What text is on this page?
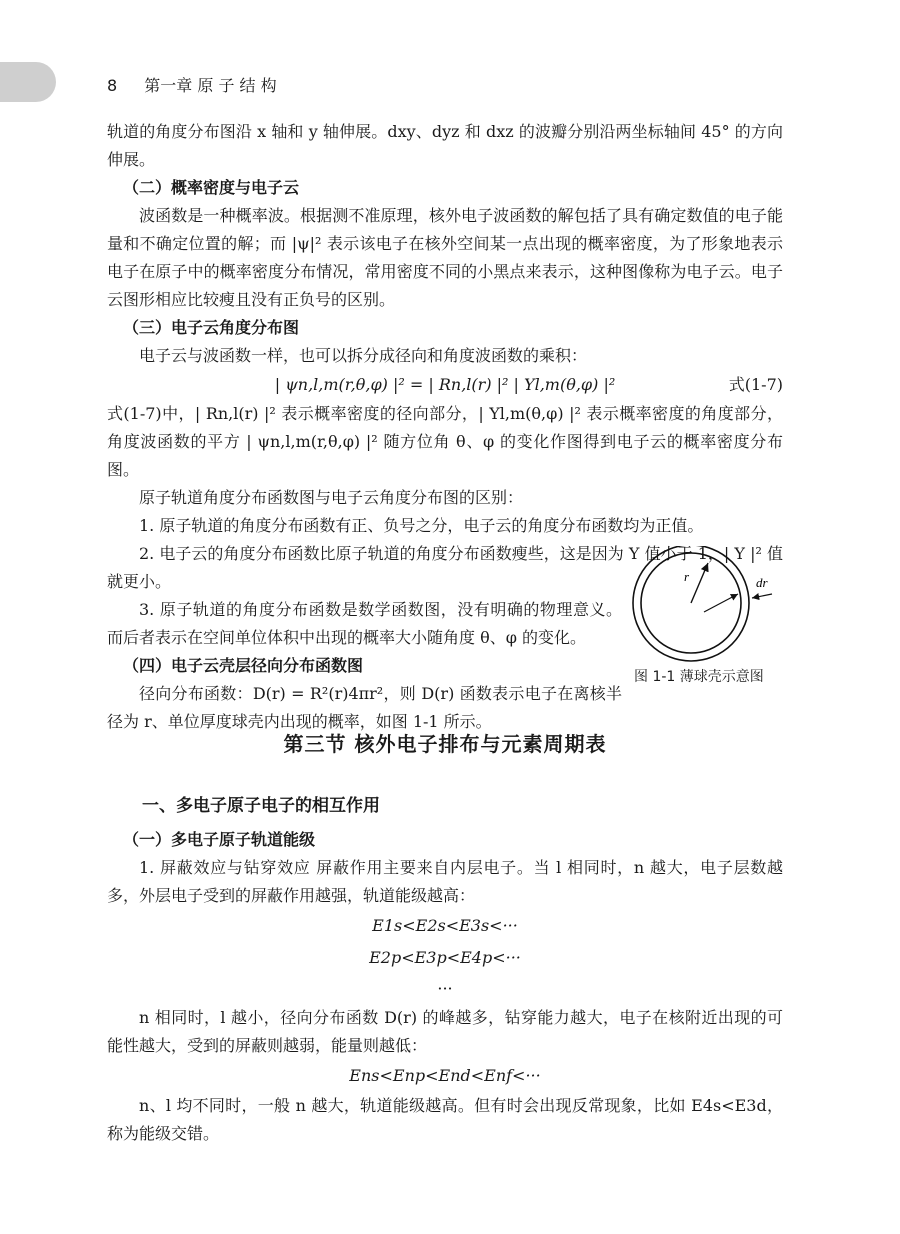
8 第一章 原 子 结 构

轨道的角度分布图沿 x 轴和 y 轴伸展。dxy、dyz 和 dxz 的波瓣分别沿两坐标轴间 45° 的方向伸展。

（二）概率密度与电子云

波函数是一种概率波。根据测不准原理，核外电子波函数的解包括了具有确定数值的电子能量和不确定位置的解；而 |ψ|² 表示该电子在核外空间某一点出现的概率密度，为了形象地表示电子在原子中的概率密度分布情况，常用密度不同的小黑点来表示，这种图像称为电子云。电子云图形相应比较瘦且没有正负号的区别。

（三）电子云角度分布图

电子云与波函数一样，也可以拆分成径向和角度波函数的乘积：

| ψn,l,m(r,θ,φ) |² = | Rn,l(r) |² | Yl,m(θ,φ) |²	式(1-7)

式(1-7)中，| Rn,l(r) |² 表示概率密度的径向部分，| Yl,m(θ,φ) |² 表示概率密度的角度部分，角度波函数的平方 | ψn,l,m(r,θ,φ) |² 随方位角 θ、φ 的变化作图得到电子云的概率密度分布图。

原子轨道角度分布函数图与电子云角度分布图的区别：

1. 原子轨道的角度分布函数有正、负号之分，电子云的角度分布函数均为正值。

2. 电子云的角度分布函数比原子轨道的角度分布函数瘦些，这是因为 Y 值小于 1，| Y |² 值就更小。

3. 原子轨道的角度分布函数是数学函数图，没有明确的物理意义。而后者表示在空间单位体积中出现的概率大小随角度 θ、φ 的变化。

（四）电子云壳层径向分布函数图

径向分布函数：D(r) = R²(r)4πr²，则 D(r) 函数表示电子在离核半径为 r、单位厚度球壳内出现的概率，如图 1-1 所示。

r	dr
图 1-1 薄球壳示意图
第三节 核外电子排布与元素周期表
一、多电子原子电子的相互作用
（一）多电子原子轨道能级

1. 屏蔽效应与钻穿效应 屏蔽作用主要来自内层电子。当 l 相同时，n 越大，电子层数越多，外层电子受到的屏蔽作用越强，轨道能级越高：

E1s<E2s<E3s<···

E2p<E3p<E4p<···

···

n 相同时，l 越小，径向分布函数 D(r) 的峰越多，钻穿能力越大，电子在核附近出现的可能性越大，受到的屏蔽则越弱，能量则越低：

Ens<Enp<End<Enf<···

n、l 均不同时，一般 n 越大，轨道能级越高。但有时会出现反常现象，比如 E4s<E3d，称为能级交错。
